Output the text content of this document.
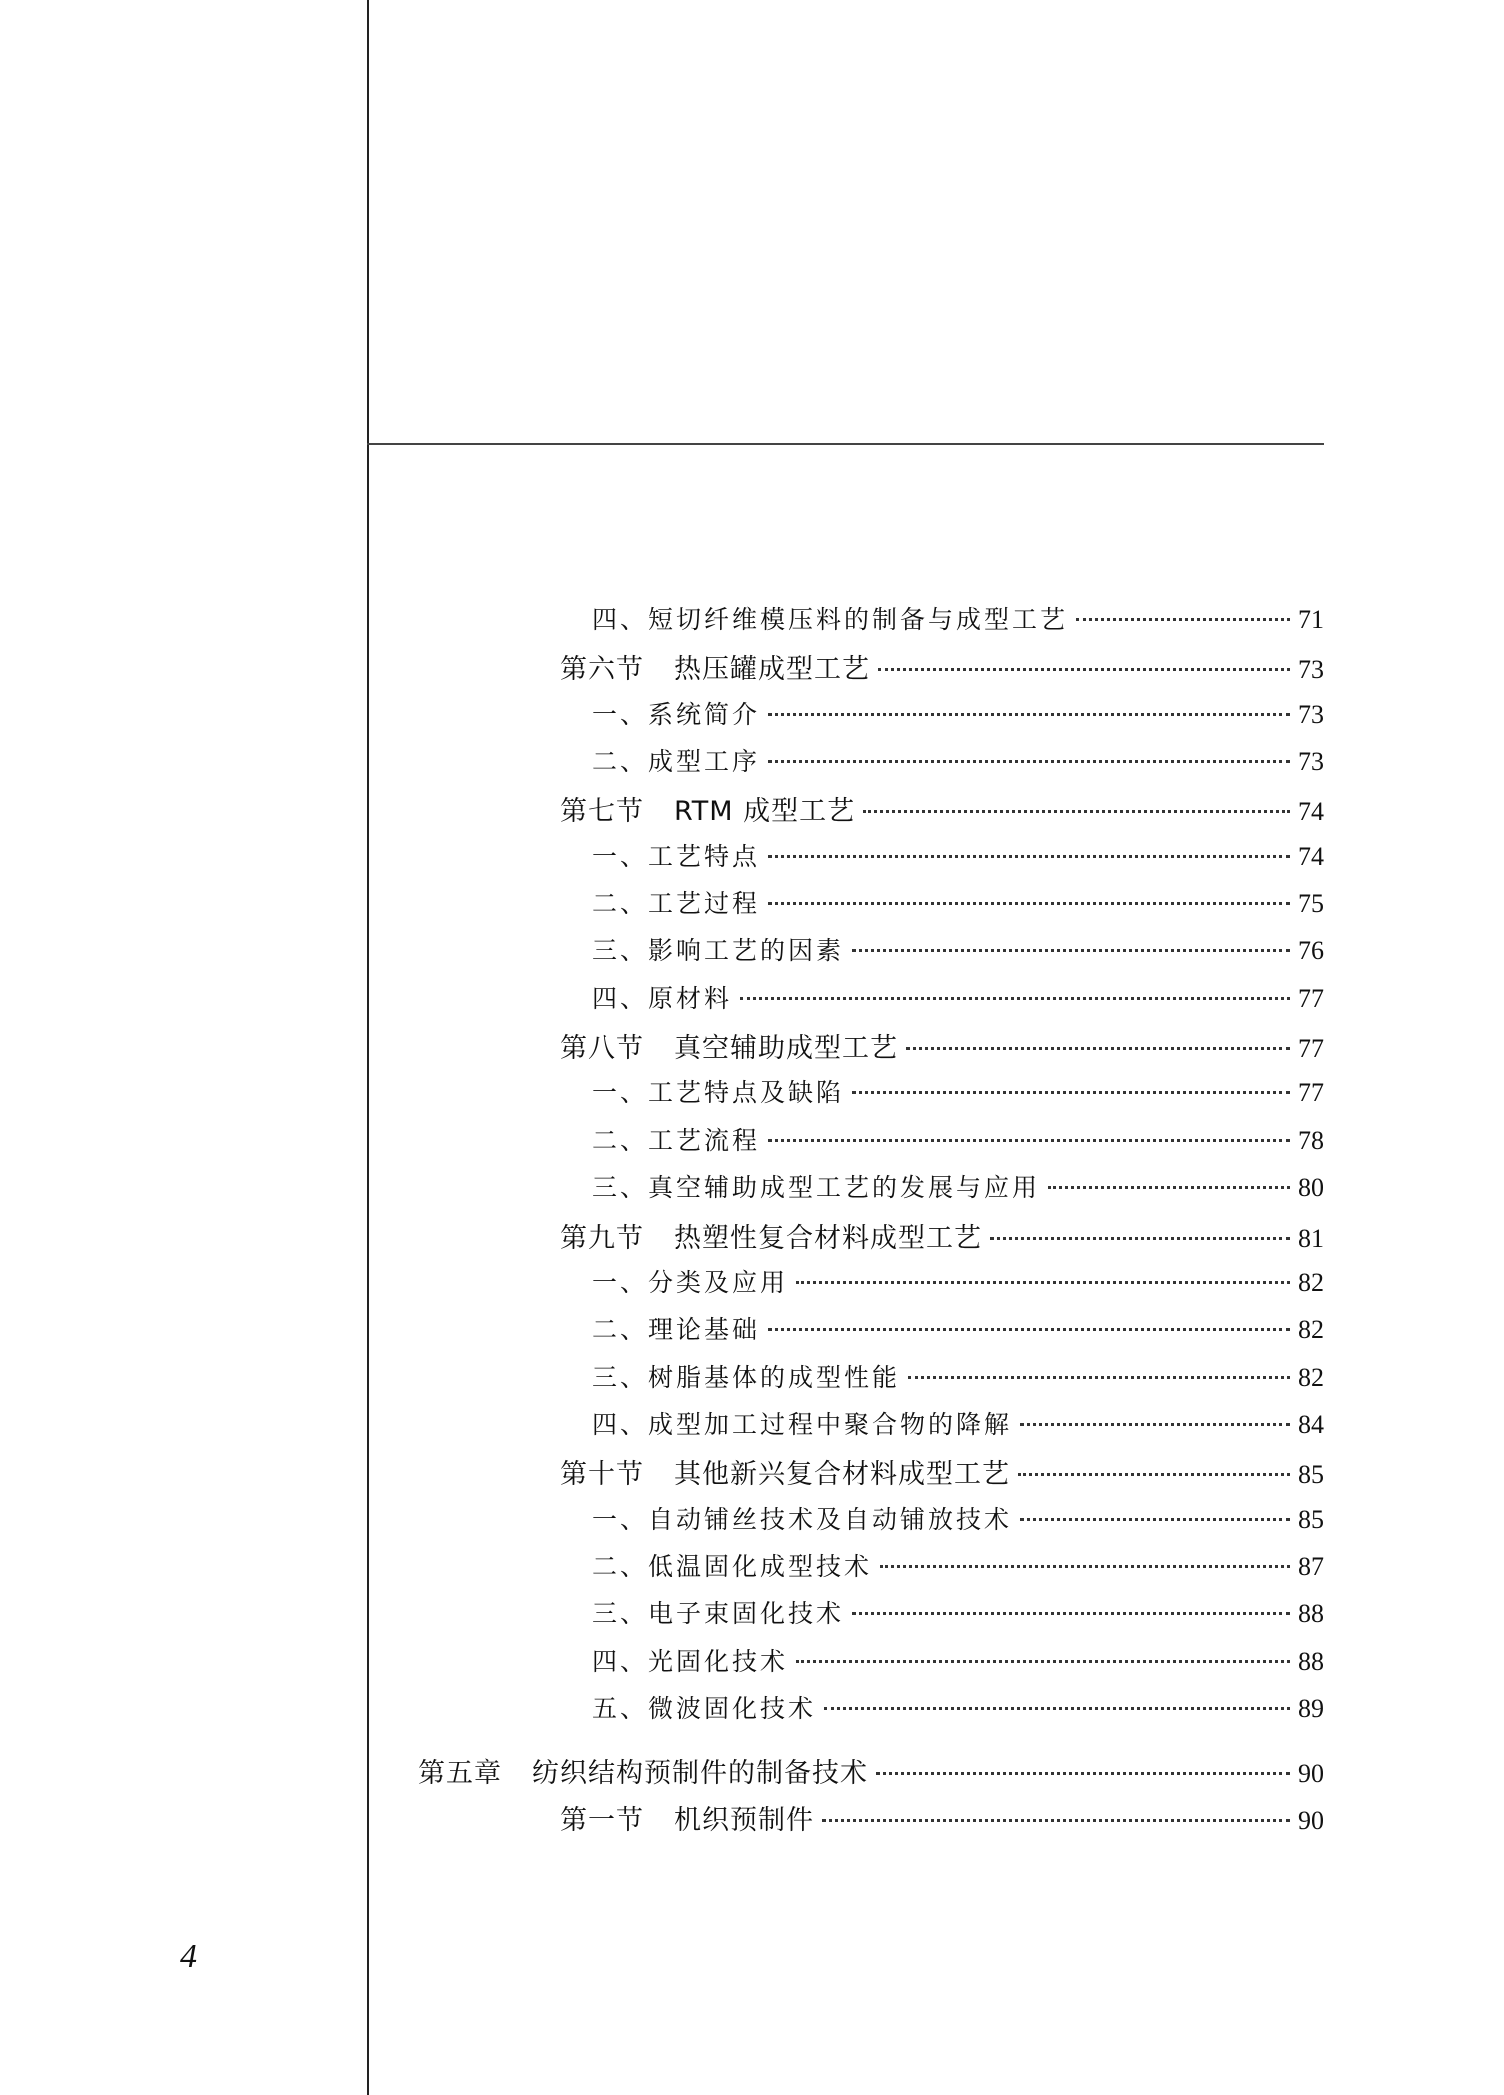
四、短切纤维模压料的制备与成型工艺	71
第六节 热压罐成型工艺	73
一、系统简介	73
二、成型工序	73
第七节 RTM 成型工艺	74
一、工艺特点	74
二、工艺过程	75
三、影响工艺的因素	76
四、原材料	77
第八节 真空辅助成型工艺	77
一、工艺特点及缺陷	77
二、工艺流程	78
三、真空辅助成型工艺的发展与应用	80
第九节 热塑性复合材料成型工艺	81
一、分类及应用	82
二、理论基础	82
三、树脂基体的成型性能	82
四、成型加工过程中聚合物的降解	84
第十节 其他新兴复合材料成型工艺	85
一、自动铺丝技术及自动铺放技术	85
二、低温固化成型技术	87
三、电子束固化技术	88
四、光固化技术	88
五、微波固化技术	89
第五章 纺织结构预制件的制备技术	90
第一节 机织预制件	90
4
